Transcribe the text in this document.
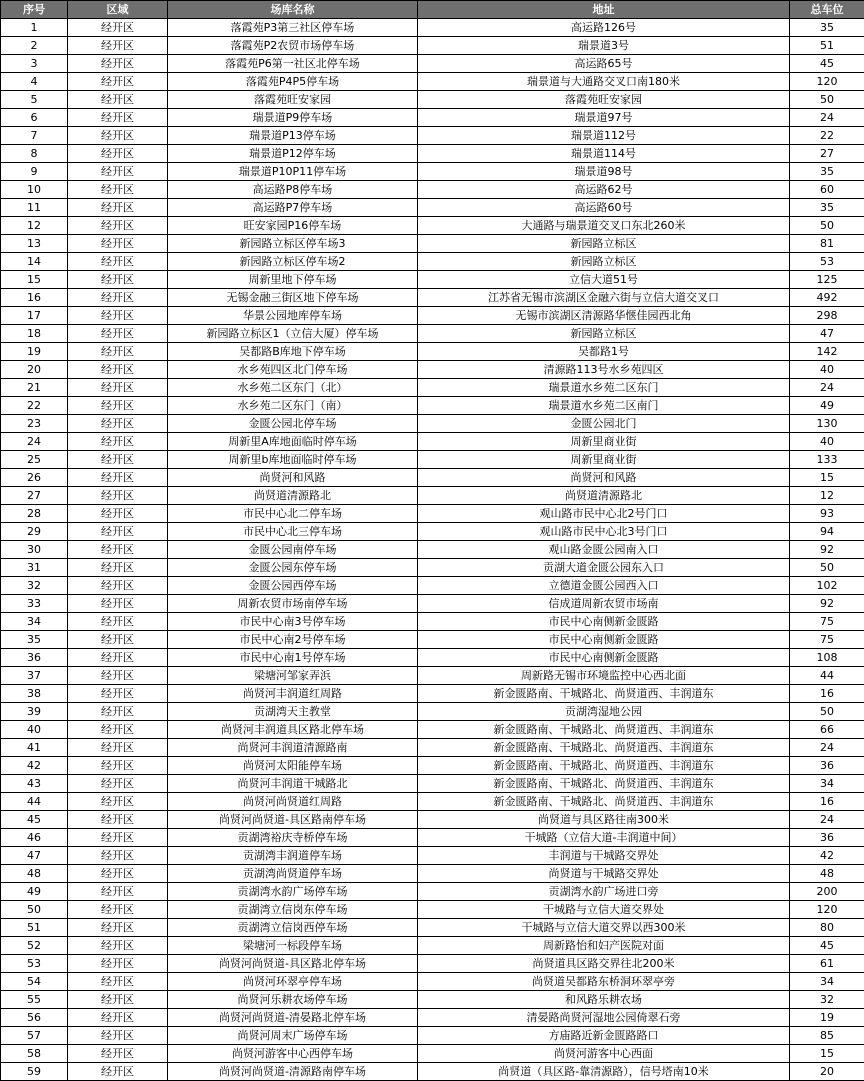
序号	区域	场库名称	地址	总车位
1	经开区	落霞苑P3第三社区停车场	高运路126号	35
2	经开区	落霞苑P2农贸市场停车场	瑞景道3号	51
3	经开区	落霞苑P6第一社区北停车场	高运路65号	45
4	经开区	落霞苑P4P5停车场	瑞景道与大通路交叉口南180米	120
5	经开区	落霞苑旺安家园	落霞苑旺安家园	50
6	经开区	瑞景道P9停车场	瑞景道97号	24
7	经开区	瑞景道P13停车场	瑞景道112号	22
8	经开区	瑞景道P12停车场	瑞景道114号	27
9	经开区	瑞景道P10P11停车场	瑞景道98号	35
10	经开区	高运路P8停车场	高运路62号	60
11	经开区	高运路P7停车场	高运路60号	35
12	经开区	旺安家园P16停车场	大通路与瑞景道交叉口东北260米	50
13	经开区	新园路立标区停车场3	新园路立标区	81
14	经开区	新园路立标区停车场2	新园路立标区	53
15	经开区	周新里地下停车场	立信大道51号	125
16	经开区	无锡金融三街区地下停车场	江苏省无锡市滨湖区金融六街与立信大道交叉口	492
17	经开区	华景公园地库停车场	无锡市滨湖区清源路华惬佳园西北角	298
18	经开区	新园路立标区1（立信大厦）停车场	新园路立标区	47
19	经开区	吴都路B库地下停车场	吴都路1号	142
20	经开区	水乡苑四区北门停车场	清源路113号水乡苑四区	40
21	经开区	水乡苑二区东门（北）	瑞景道水乡苑二区东门	24
22	经开区	水乡苑二区东门（南）	瑞景道水乡苑二区南门	49
23	经开区	金匮公园北停车场	金匮公园北门	130
24	经开区	周新里A库地面临时停车场	周新里商业街	40
25	经开区	周新里b库地面临时停车场	周新里商业街	133
26	经开区	尚贤河和风路	尚贤河和风路	15
27	经开区	尚贤道清源路北	尚贤道清源路北	12
28	经开区	市民中心北二停车场	观山路市民中心北2号门口	93
29	经开区	市民中心北三停车场	观山路市民中心北3号门口	94
30	经开区	金匮公园南停车场	观山路金匮公园南入口	92
31	经开区	金匮公园东停车场	贡湖大道金匮公园东入口	50
32	经开区	金匮公园西停车场	立德道金匮公园西入口	102
33	经开区	周新农贸市场南停车场	信成道周新农贸市场南	92
34	经开区	市民中心南3号停车场	市民中心南侧新金匮路	75
35	经开区	市民中心南2号停车场	市民中心南侧新金匮路	75
36	经开区	市民中心南1号停车场	市民中心南侧新金匮路	108
37	经开区	梁塘河邹家弄浜	周新路无锡市环境监控中心西北面	44
38	经开区	尚贤河丰润道红周路	新金匮路南、干城路北、尚贤道西、丰润道东	16
39	经开区	贡湖湾天主教堂	贡湖湾湿地公园	50
40	经开区	尚贤河丰润道具区路北停车场	新金匮路南、干城路北、尚贤道西、丰润道东	66
41	经开区	尚贤河丰润道清源路南	新金匮路南、干城路北、尚贤道西、丰润道东	24
42	经开区	尚贤河太阳能停车场	新金匮路南、干城路北、尚贤道西、丰润道东	36
43	经开区	尚贤河丰润道干城路北	新金匮路南、干城路北、尚贤道西、丰润道东	34
44	经开区	尚贤河尚贤道红周路	新金匮路南、干城路北、尚贤道西、丰润道东	16
45	经开区	尚贤河尚贤道-具区路南停车场	尚贤道与具区路往南300米	24
46	经开区	贡湖湾裕庆寺桥停车场	干城路（立信大道-丰润道中间）	36
47	经开区	贡湖湾丰润道停车场	丰润道与干城路交界处	42
48	经开区	贡湖湾尚贤道停车场	尚贤道与干城路交界处	48
49	经开区	贡湖湾水韵广场停车场	贡湖湾水韵广场进口旁	200
50	经开区	贡湖湾立信岗东停车场	干城路与立信大道交界处	120
51	经开区	贡湖湾立信岗西停车场	干城路与立信大道交界以西300米	80
52	经开区	梁塘河一标段停车场	周新路怡和妇产医院对面	45
53	经开区	尚贤河尚贤道-具区路北停车场	尚贤道具区路交界往北200米	61
54	经开区	尚贤河环翠亭停车场	尚贤道吴都路东桥洞环翠亭旁	34
55	经开区	尚贤河乐耕农场停车场	和风路乐耕农场	32
56	经开区	尚贤河尚贤道-清晏路北停车场	清晏路尚贤河湿地公园倚翠石旁	19
57	经开区	尚贤河周末广场停车场	方庙路近新金匮路路口	85
58	经开区	尚贤河游客中心西停车场	尚贤河游客中心西面	15
59	经开区	尚贤河尚贤道-清源路南停车场	尚贤道（具区路-靠清源路），信号塔南10米	20
